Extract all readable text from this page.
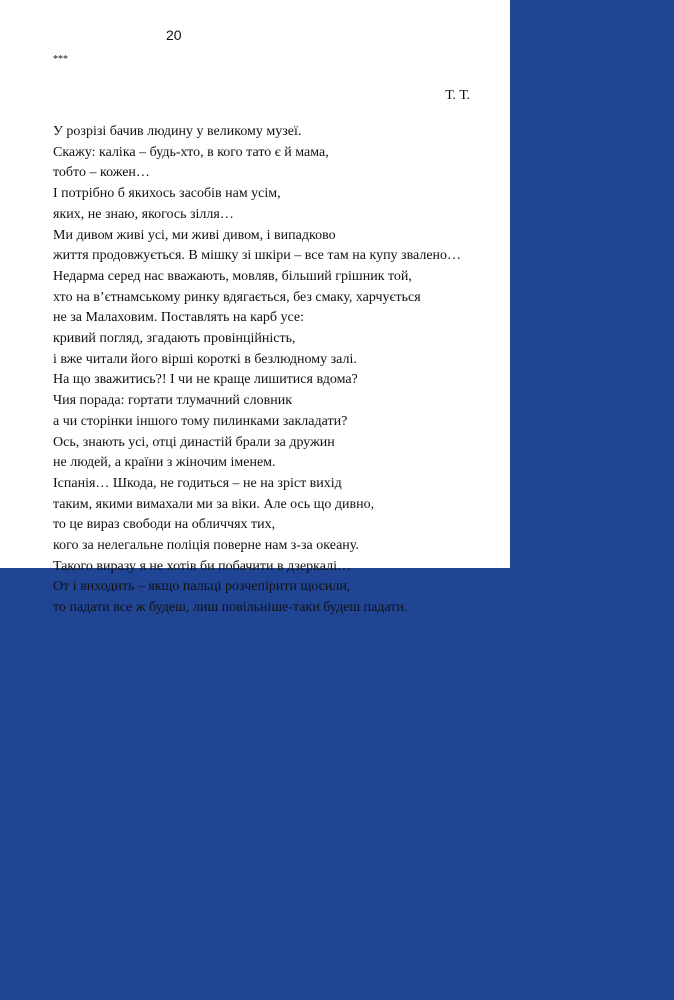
20
***
Т. Т.
У розрізі бачив людину у великому музеї.
Скажу: каліка – будь-хто, в кого тато є й мама,
тобто – кожен…
І потрібно б якихось засобів нам усім,
яких, не знаю, якогось зілля…
Ми дивом живі усі, ми живі дивом, і випадково
життя продовжується. В мішку зі шкіри – все там на купу звалено…
Недарма серед нас вважають, мовляв, більший грішник той,
хто на в’єтнамському ринку вдягається, без смаку, харчується
не за Малаховим. Поставлять на карб усе:
кривий погляд, згадають провінційність,
і вже читали його вірші короткі в безлюдному залі.
На що зважитись?! І чи не краще лишитися вдома?
Чия порада: гортати тлумачний словник
а чи сторінки іншого тому пилинками закладати?
Ось, знають усі, отці династій брали за дружин
не людей, а країни з жіночим іменем.
Іспанія… Шкода, не годиться – не на зріст вихід
таким, якими вимахали ми за віки. Але ось що дивно,
то це вираз свободи на обличчях тих,
кого за нелегальне поліція поверне нам з-за океану.
Такого виразу я не хотів би побачити в дзеркалі…
От і виходить – якщо пальці розчепірити щосили,
то падати все ж будеш, лиш повільніше-таки будеш падати.
